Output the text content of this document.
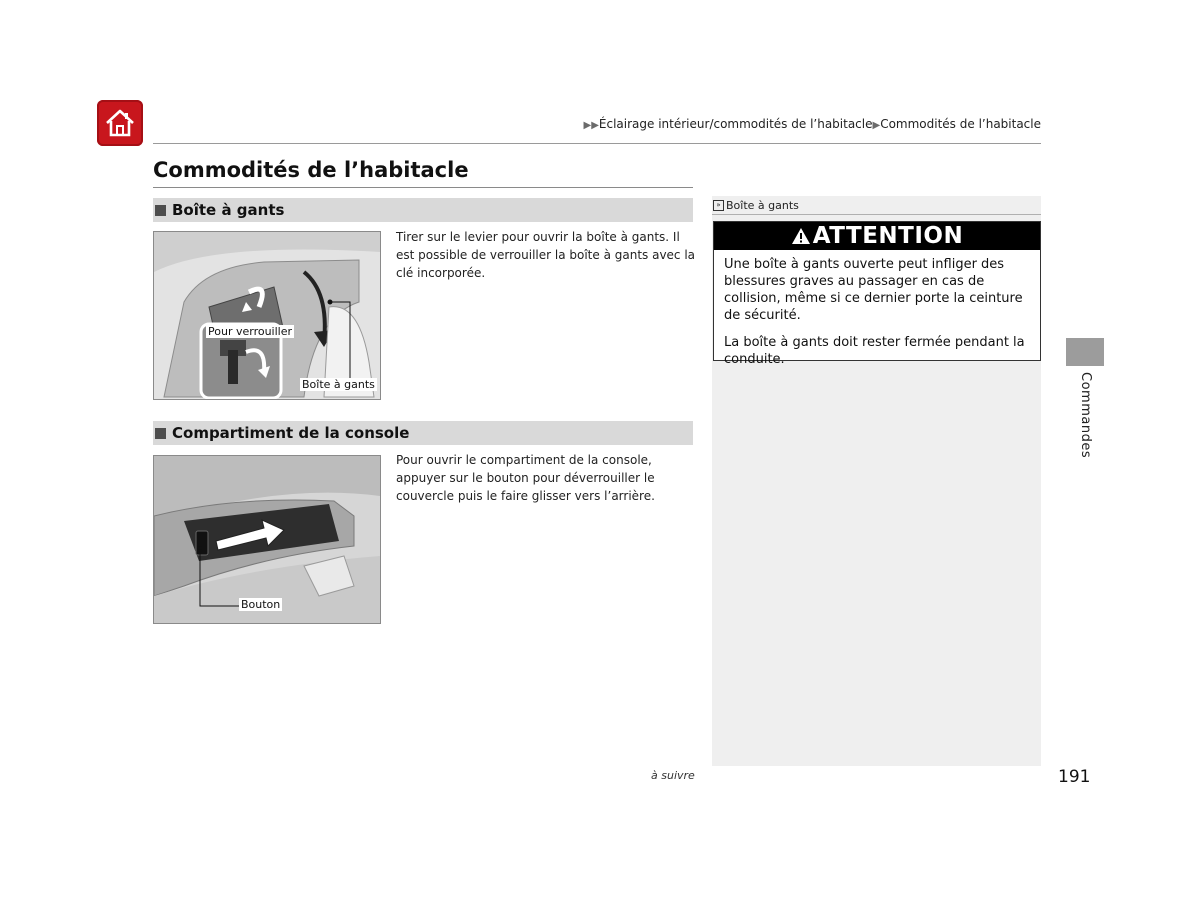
▶▶Éclairage intérieur/commodités de l’habitacle▶Commodités de l’habitacle
Commodités de l’habitacle
Boîte à gants
Pour verrouiller
Boîte à gants
Tirer sur le levier pour ouvrir la boîte à gants. Il est possible de verrouiller la boîte à gants avec la clé incorporée.
Compartiment de la console
Bouton
Pour ouvrir le compartiment de la console, appuyer sur le bouton pour déverrouiller le couvercle puis le faire glisser vers l’arrière.
» Boîte à gants
ATTENTION

Une boîte à gants ouverte peut infliger des blessures graves au passager en cas de collision, même si ce dernier porte la ceinture de sécurité.

La boîte à gants doit rester fermée pendant la conduite.

Commandes
à suivre	191
